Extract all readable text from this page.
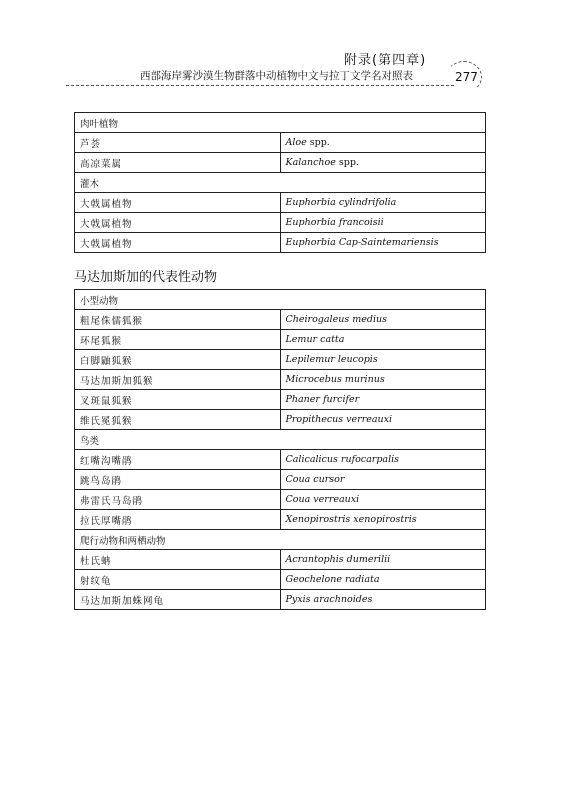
附录(第四章)
西部海岸雾沙漠生物群落中动植物中文与拉丁文学名对照表	277
肉叶植物	
芦荟	Aloe spp.
高凉菜属	Kalanchoe spp.
灌木	
大戟属植物	Euphorbia cylindrifolia
大戟属植物	Euphorbia francoisii
大戟属植物	Euphorbia Cap-Saintemariensis
马达加斯加的代表性动物
小型动物	
粗尾侏儒狐猴	Cheirogaleus medius
环尾狐猴	Lemur catta
白脚鼬狐猴	Lepilemur leucopis
马达加斯加狐猴	Microcebus murinus
叉斑鼠狐猴	Phaner furcifer
维氏冕狐猴	Propithecus verreauxi
鸟类	
红嘴沟嘴鹃	Calicalicus rufocarpalis
跳鸟岛鹃	Coua cursor
弗雷氏马岛鹃	Coua verreauxi
拉氏厚嘴鹃	Xenopirostris xenopirostris
爬行动物和两栖动物	
杜氏蚺	Acrantophis dumerilii
射纹龟	Geochelone radiata
马达加斯加蛛网龟	Pyxis arachnoides
